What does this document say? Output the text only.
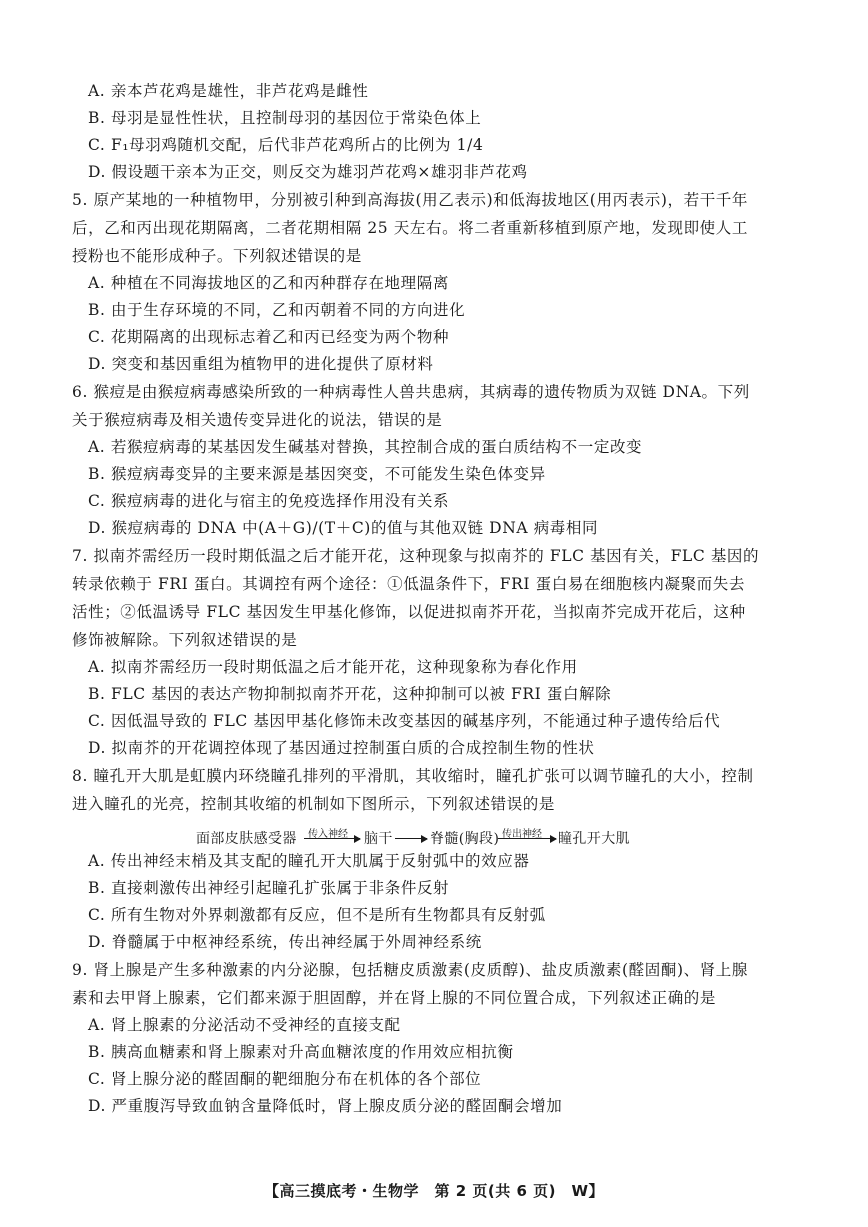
A. 亲本芦花鸡是雄性，非芦花鸡是雌性
B. 母羽是显性性状，且控制母羽的基因位于常染色体上
C. F₁母羽鸡随机交配，后代非芦花鸡所占的比例为 1/4
D. 假设题干亲本为正交，则反交为雄羽芦花鸡×雄羽非芦花鸡
5. 原产某地的一种植物甲，分别被引种到高海拔(用乙表示)和低海拔地区(用丙表示)，若干千年
后，乙和丙出现花期隔离，二者花期相隔 25 天左右。将二者重新移植到原产地，发现即使人工
授粉也不能形成种子。下列叙述错误的是
A. 种植在不同海拔地区的乙和丙种群存在地理隔离
B. 由于生存环境的不同，乙和丙朝着不同的方向进化
C. 花期隔离的出现标志着乙和丙已经变为两个物种
D. 突变和基因重组为植物甲的进化提供了原材料
6. 猴痘是由猴痘病毒感染所致的一种病毒性人兽共患病，其病毒的遗传物质为双链 DNA。下列
关于猴痘病毒及相关遗传变异进化的说法，错误的是
A. 若猴痘病毒的某基因发生碱基对替换，其控制合成的蛋白质结构不一定改变
B. 猴痘病毒变异的主要来源是基因突变，不可能发生染色体变异
C. 猴痘病毒的进化与宿主的免疫选择作用没有关系
D. 猴痘病毒的 DNA 中(A＋G)/(T＋C)的值与其他双链 DNA 病毒相同
7. 拟南芥需经历一段时期低温之后才能开花，这种现象与拟南芥的 FLC 基因有关，FLC 基因的
转录依赖于 FRI 蛋白。其调控有两个途径：①低温条件下，FRI 蛋白易在细胞核内凝聚而失去
活性；②低温诱导 FLC 基因发生甲基化修饰，以促进拟南芥开花，当拟南芥完成开花后，这种
修饰被解除。下列叙述错误的是
A. 拟南芥需经历一段时期低温之后才能开花，这种现象称为春化作用
B. FLC 基因的表达产物抑制拟南芥开花，这种抑制可以被 FRI 蛋白解除
C. 因低温导致的 FLC 基因甲基化修饰未改变基因的碱基序列，不能通过种子遗传给后代
D. 拟南芥的开花调控体现了基因通过控制蛋白质的合成控制生物的性状
8. 瞳孔开大肌是虹膜内环绕瞳孔排列的平滑肌，其收缩时，瞳孔扩张可以调节瞳孔的大小，控制
进入瞳孔的光亮，控制其收缩的机制如下图所示，下列叙述错误的是
面部皮肤感受器 传入神经 脑干	脊髓(胸段) 传出神经 瞳孔开大肌
A. 传出神经末梢及其支配的瞳孔开大肌属于反射弧中的效应器
B. 直接刺激传出神经引起瞳孔扩张属于非条件反射
C. 所有生物对外界刺激都有反应，但不是所有生物都具有反射弧
D. 脊髓属于中枢神经系统，传出神经属于外周神经系统
9. 肾上腺是产生多种激素的内分泌腺，包括糖皮质激素(皮质醇)、盐皮质激素(醛固酮)、肾上腺
素和去甲肾上腺素，它们都来源于胆固醇，并在肾上腺的不同位置合成，下列叙述正确的是
A. 肾上腺素的分泌活动不受神经的直接支配
B. 胰高血糖素和肾上腺素对升高血糖浓度的作用效应相抗衡
C. 肾上腺分泌的醛固酮的靶细胞分布在机体的各个部位
D. 严重腹泻导致血钠含量降低时，肾上腺皮质分泌的醛固酮会增加
【高三摸底考・生物学　第 2 页(共 6 页)　W】
